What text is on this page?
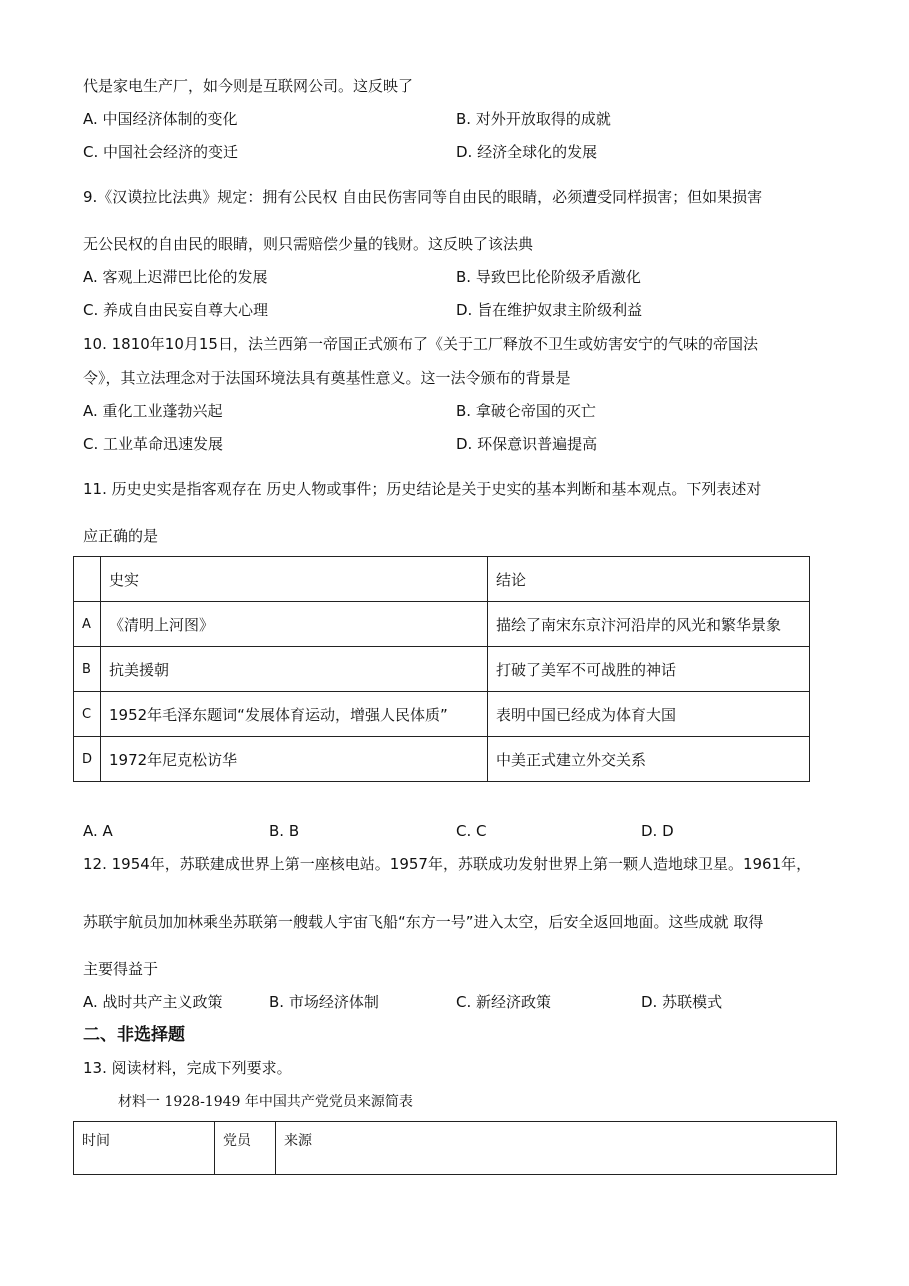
代是家电生产厂，如今则是互联网公司。这反映了
A. 中国经济体制的变化	B. 对外开放取得的成就
C. 中国社会经济的变迁	D. 经济全球化的发展
9.《汉谟拉比法典》规定：拥有公民权 自由民伤害同等自由民的眼睛，必须遭受同样损害；但如果损害
无公民权的自由民的眼睛，则只需赔偿少量的钱财。这反映了该法典
A. 客观上迟滞巴比伦的发展	B. 导致巴比伦阶级矛盾激化
C. 养成自由民妄自尊大心理	D. 旨在维护奴隶主阶级利益
10. 1810年10月15日，法兰西第一帝国正式颁布了《关于工厂释放不卫生或妨害安宁的气味的帝国法
令》，其立法理念对于法国环境法具有奠基性意义。这一法令颁布的背景是
A. 重化工业蓬勃兴起	B. 拿破仑帝国的灭亡
C. 工业革命迅速发展	D. 环保意识普遍提高
11. 历史史实是指客观存在 历史人物或事件；历史结论是关于史实的基本判断和基本观点。下列表述对
应正确的是
	史实	结论
A	《清明上河图》	描绘了南宋东京汴河沿岸的风光和繁华景象
B	抗美援朝	打破了美军不可战胜的神话
C	1952年毛泽东题词“发展体育运动，增强人民体质”	表明中国已经成为体育大国
D	1972年尼克松访华	中美正式建立外交关系
A. A	B. B	C. C	D. D
12. 1954年，苏联建成世界上第一座核电站。1957年，苏联成功发射世界上第一颗人造地球卫星。1961年，
苏联宇航员加加林乘坐苏联第一艘载人宇宙飞船“东方一号”进入太空，后安全返回地面。这些成就 取得
主要得益于
A. 战时共产主义政策	B. 市场经济体制	C. 新经济政策	D. 苏联模式
二、非选择题
13. 阅读材料，完成下列要求。
材料一 1928-1949 年中国共产党党员来源简表
时间	党员	来源
